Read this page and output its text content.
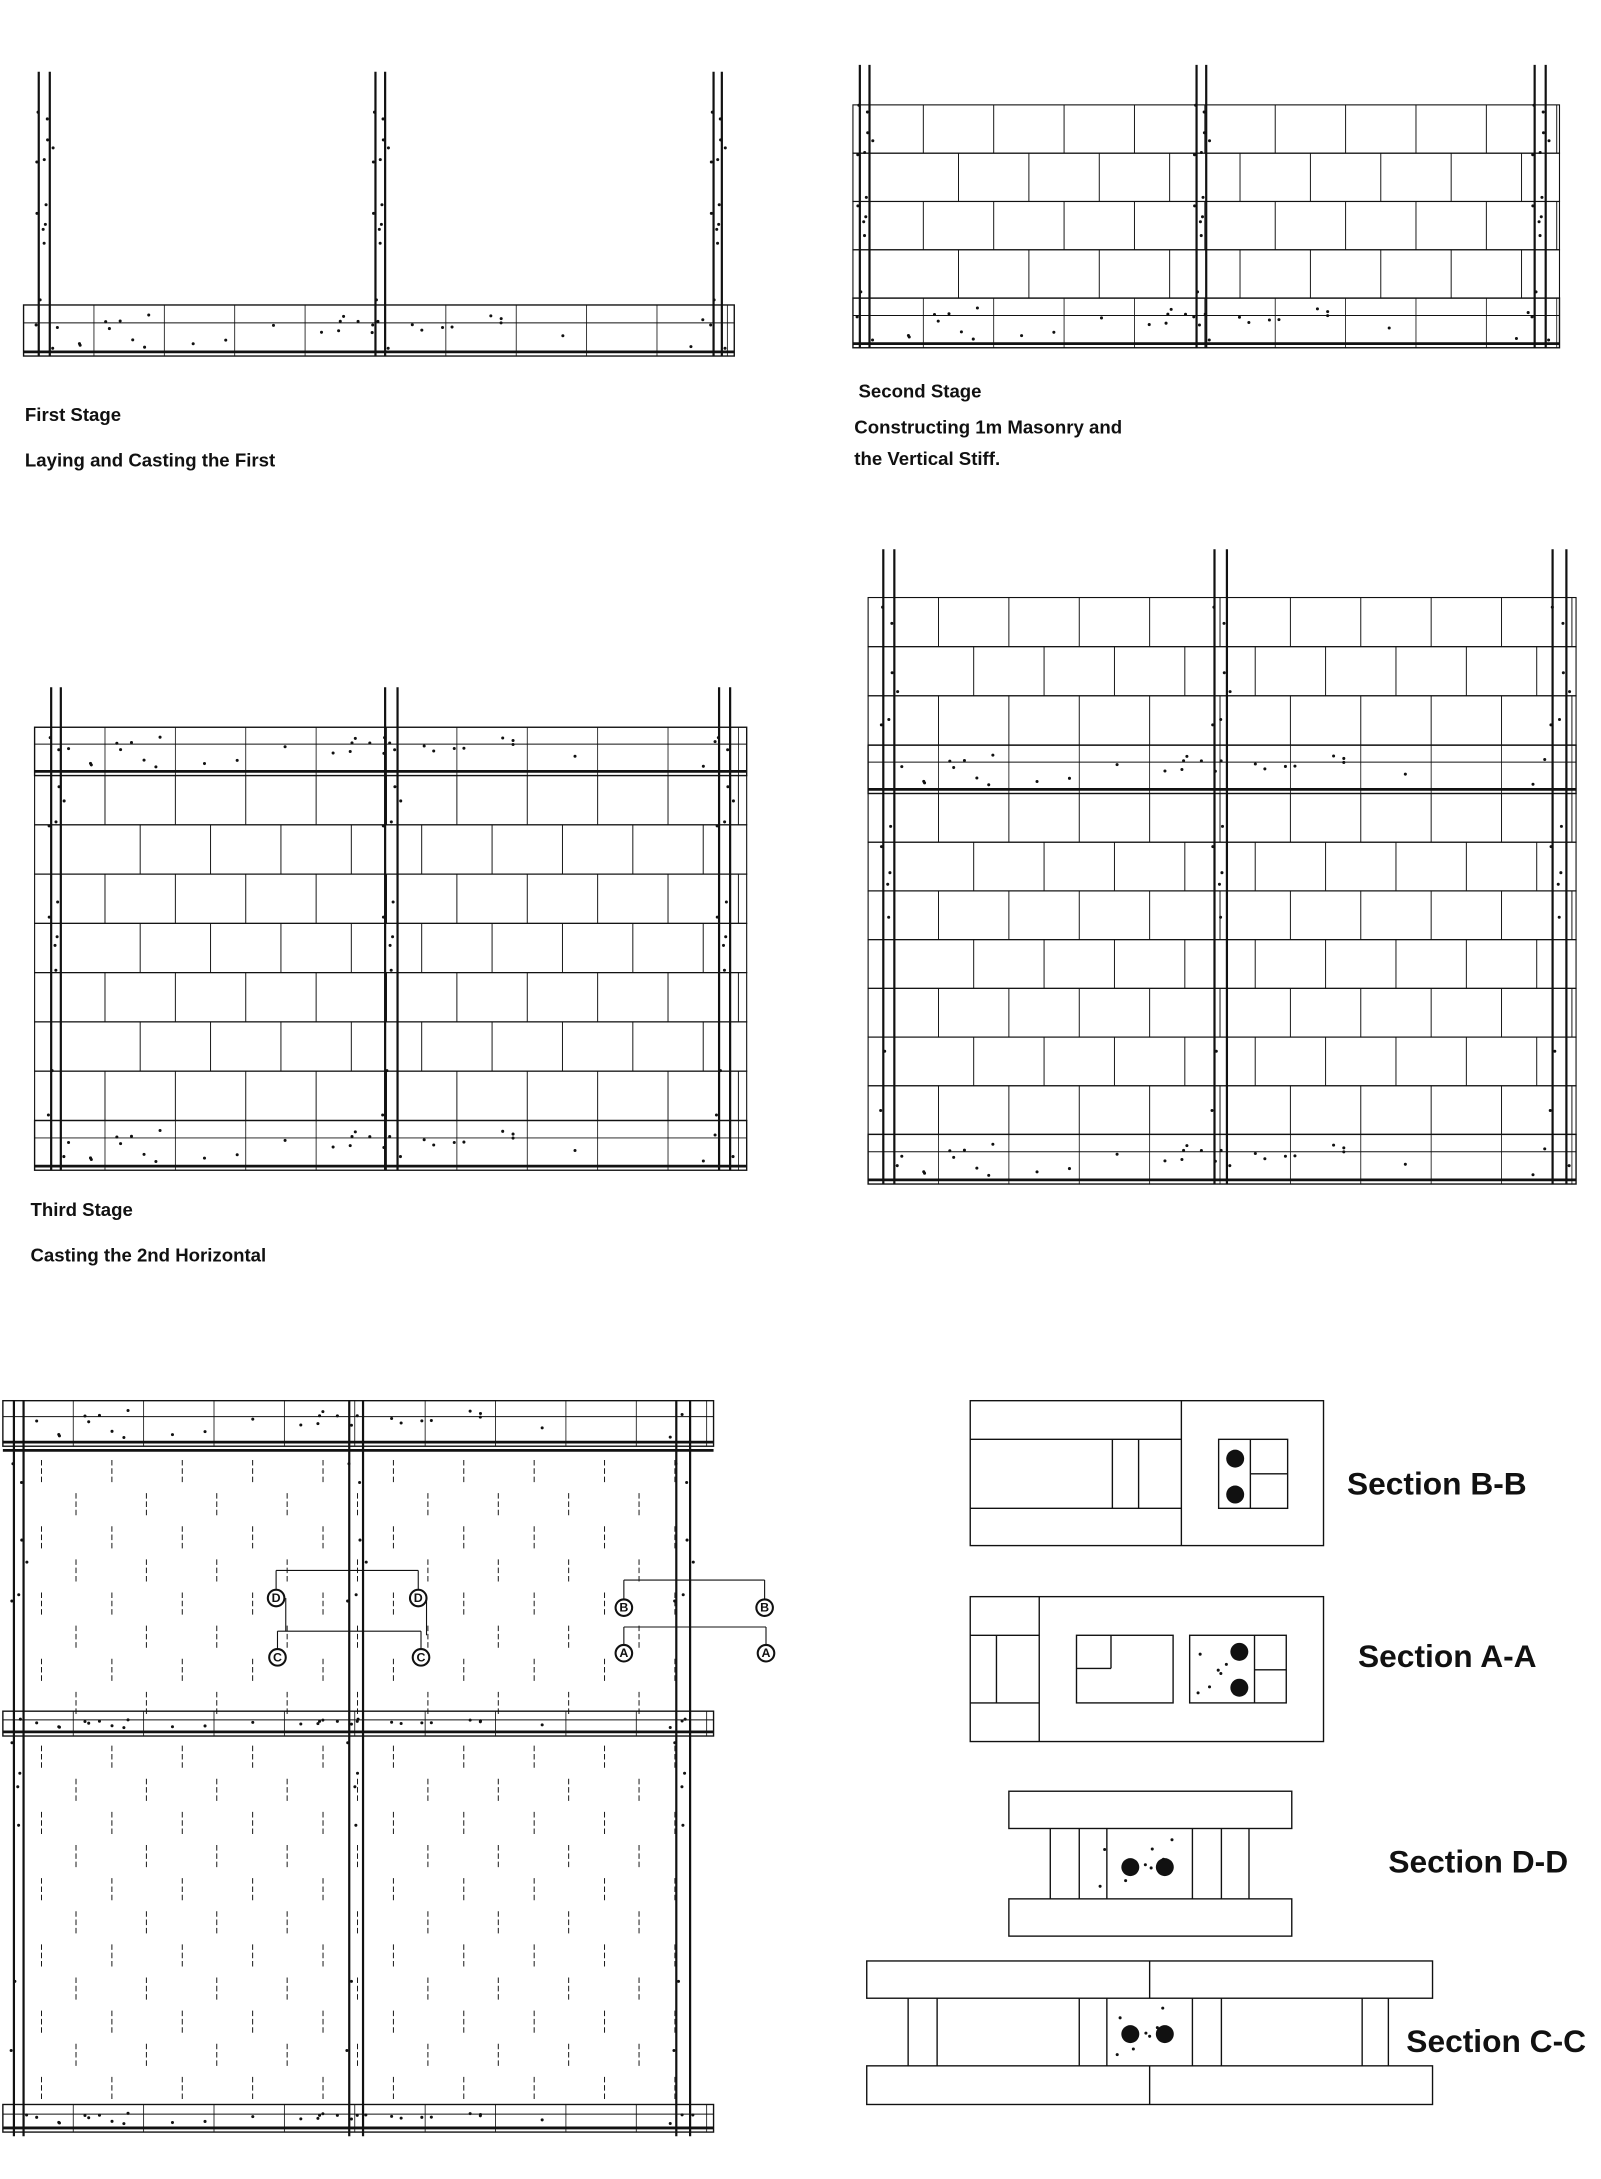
First Stage
Laying and Casting the First
Second Stage
Constructing 1m Masonry and
the Vertical Stiff.
Third Stage
Casting the 2nd Horizontal
Section B-B
Section A-A
Section D-D
Section C-C
D	D
C	C
B	B
A	A
